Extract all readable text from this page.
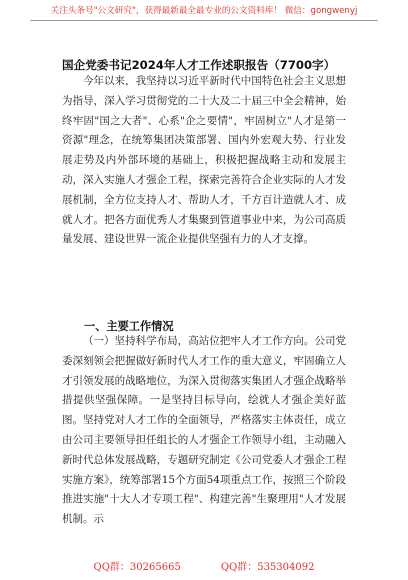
关注头条号"公文研究"，获得最新最全最专业的公文资料库！ 微信：gongwenyj
国企党委书记2024年人才工作述职报告（7700字）

今年以来，我坚持以习近平新时代中国特色社会主义思想为指导，深入学习贯彻党的二十大及二十届三中全会精神，始终牢固"国之大者"、心系"企之要情"，牢固树立"人才是第一资源"理念，在统筹集团决策部署、国内外宏观大势、行业发展走势及内外部环境的基础上，积极把握战略主动和发展主动，深入实施人才强企工程，探索完善符合企业实际的人才发展机制，全方位支持人才、帮助人才，千方百计造就人才、成就人才。把各方面优秀人才集聚到管道事业中来，为公司高质量发展、建设世界一流企业提供坚强有力的人才支撑。

一、主要工作情况

（一）坚持科学布局，高站位把牢人才工作方向。公司党委深刻领会把握做好新时代人才工作的重大意义，牢固确立人才引领发展的战略地位，为深入贯彻落实集团人才强企战略举措提供坚强保障。一是坚持目标导向，绘就人才强企美好蓝图。坚持党对人才工作的全面领导，严格落实主体责任，成立由公司主要领导担任组长的人才强企工作领导小组，主动融入新时代总体发展战略，专题研究制定《公司党委人才强企工程实施方案》，统筹部署15个方面54项重点工作，按照三个阶段推进实施"十大人才专项工程"、构建完善"生聚理用"人才发展机制。示

QQ群：30265665	QQ群：535304092
